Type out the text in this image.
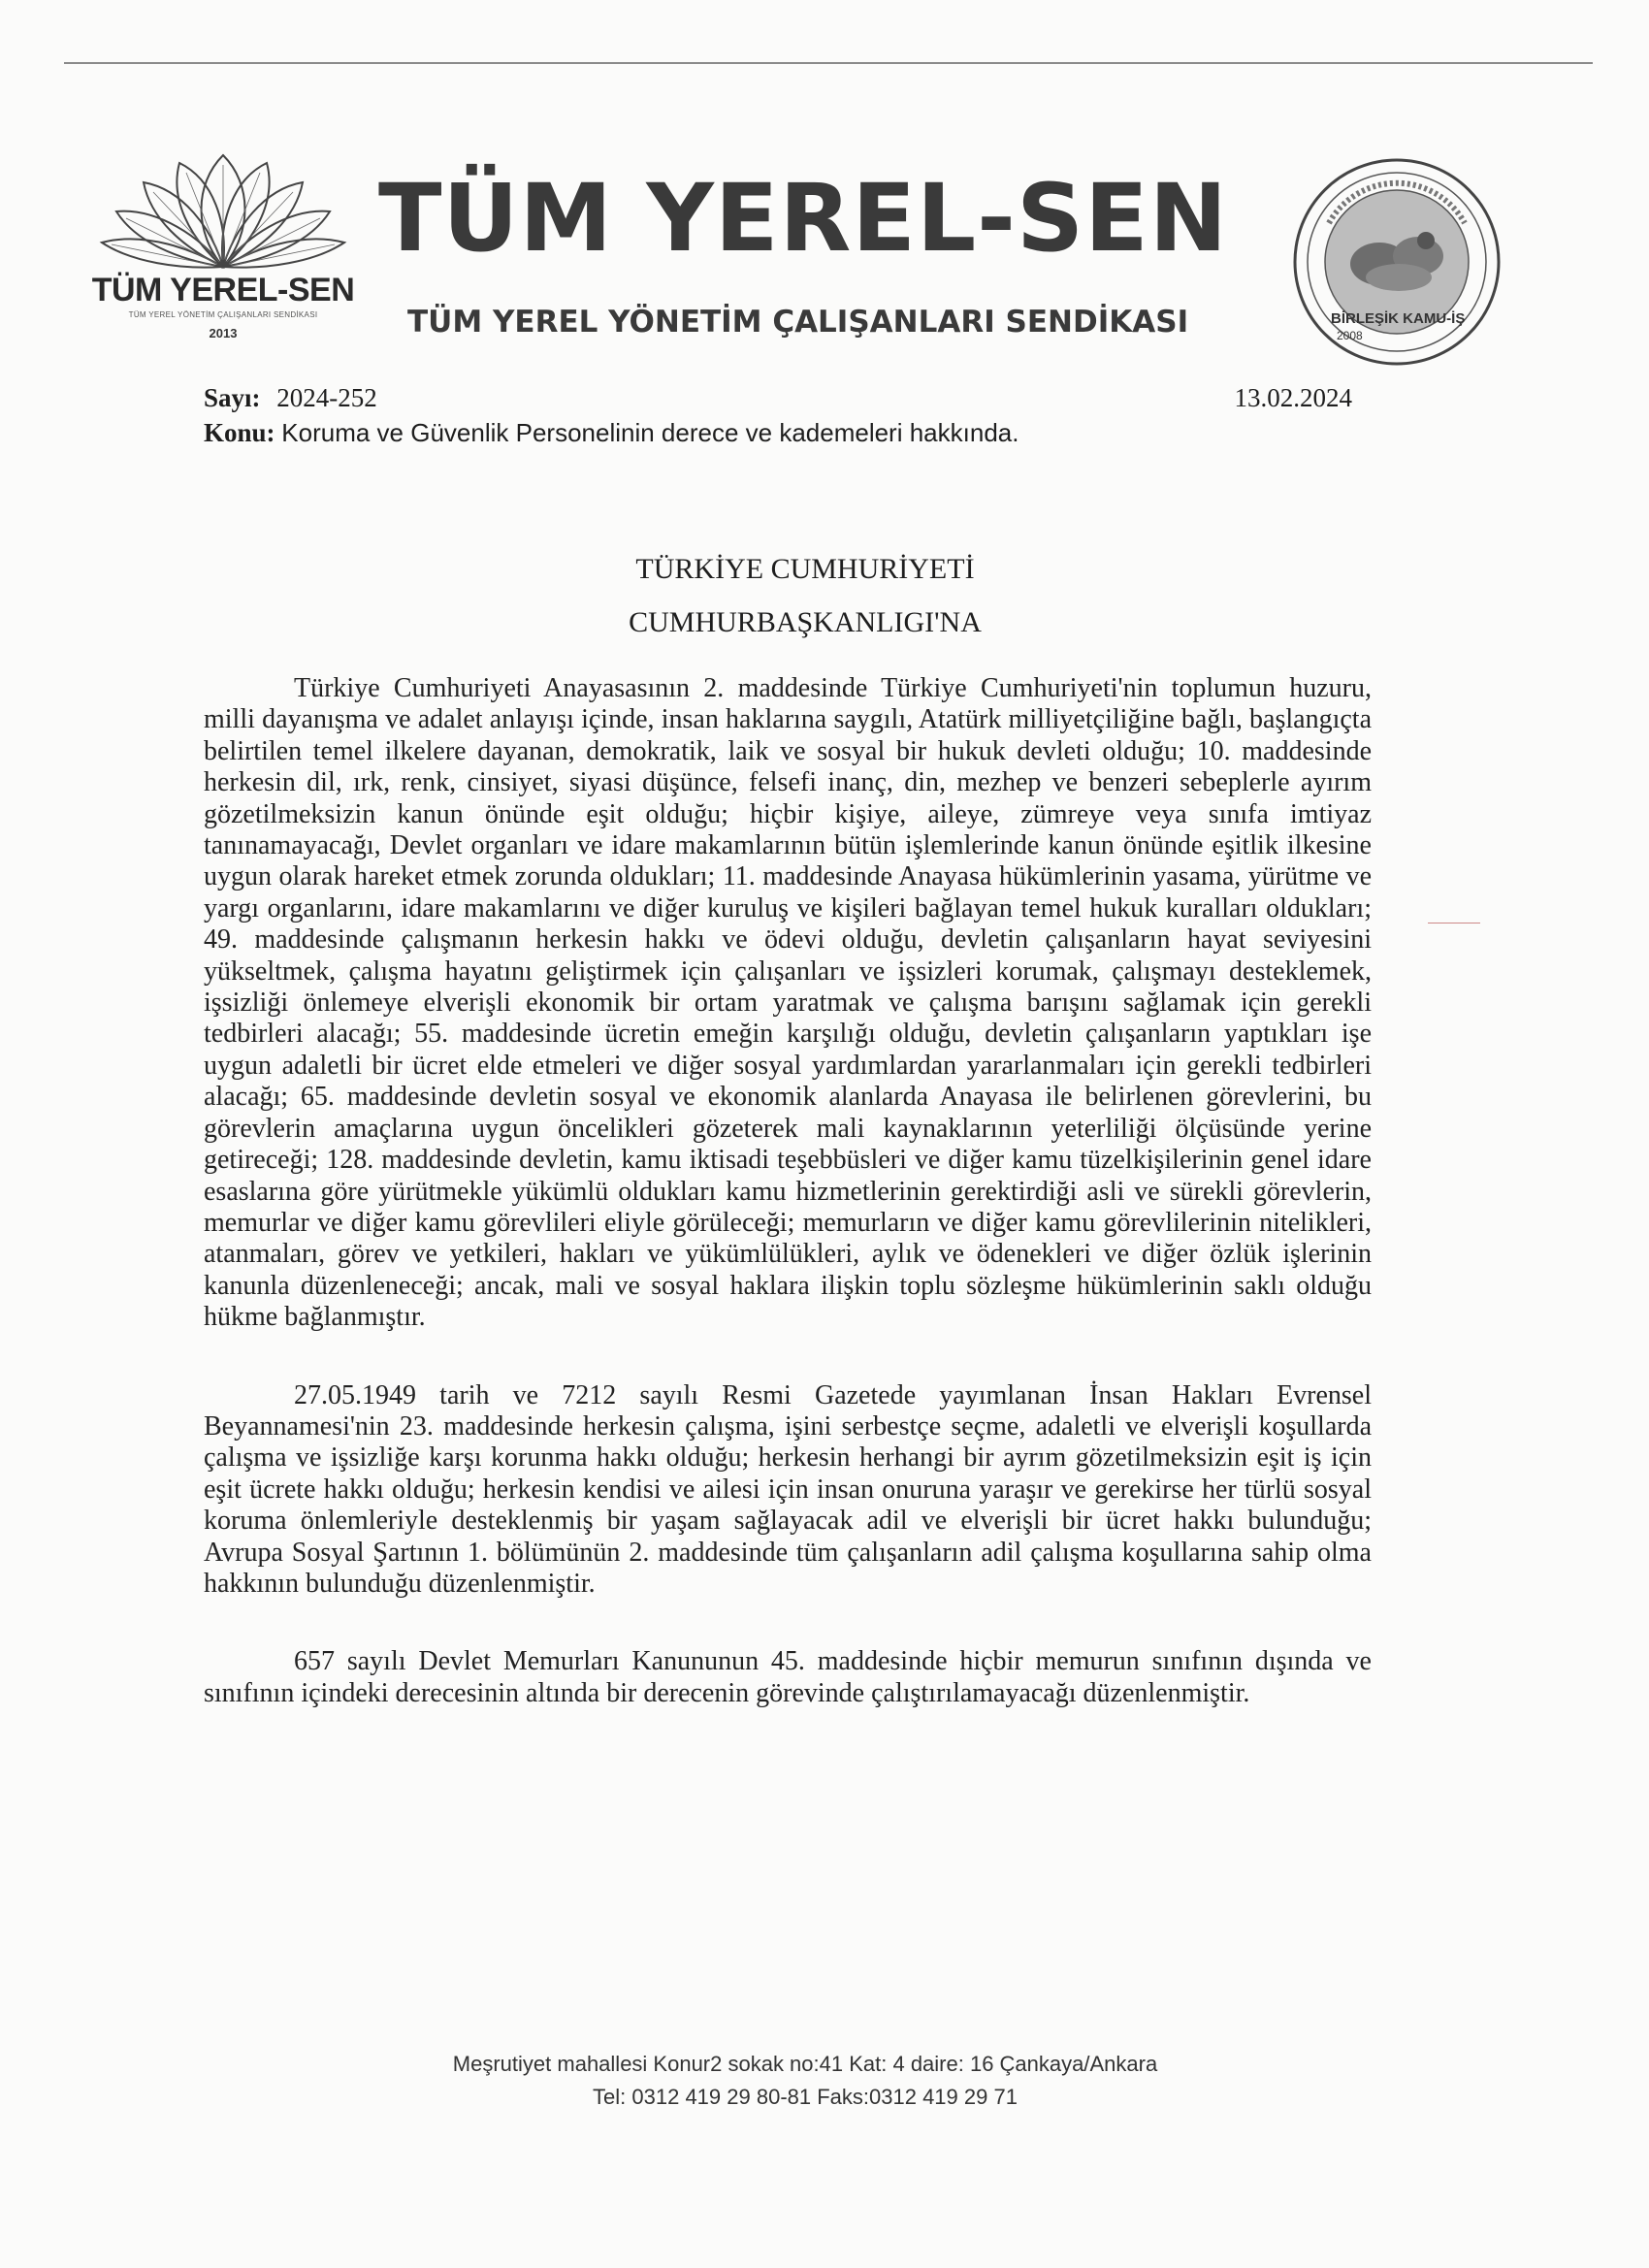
TÜM YEREL-SEN
TÜM YEREL YÖNETİM ÇALIŞANLARI SENDİKASI
2013
TÜM YEREL-SEN
TÜM YEREL YÖNETİM ÇALIŞANLARI SENDİKASI	BİRLEŞİK KAMU-İŞ 2008
Sayı: 2024-252	13.02.2024
Konu: Koruma ve Güvenlik Personelinin derece ve kademeleri hakkında.
TÜRKİYE CUMHURİYETİ
CUMHURBAŞKANLIGI'NA

Türkiye Cumhuriyeti Anayasasının 2. maddesinde Türkiye Cumhuriyeti'nin toplumun huzuru, milli dayanışma ve adalet anlayışı içinde, insan haklarına saygılı, Atatürk milliyetçiliğine bağlı, başlangıçta belirtilen temel ilkelere dayanan, demokratik, laik ve sosyal bir hukuk devleti olduğu; 10. maddesinde herkesin dil, ırk, renk, cinsiyet, siyasi düşünce, felsefi inanç, din, mezhep ve benzeri sebeplerle ayırım gözetilmeksizin kanun önünde eşit olduğu; hiçbir kişiye, aileye, zümreye veya sınıfa imtiyaz tanınamayacağı, Devlet organları ve idare makamlarının bütün işlemlerinde kanun önünde eşitlik ilkesine uygun olarak hareket etmek zorunda oldukları; 11. maddesinde Anayasa hükümlerinin yasama, yürütme ve yargı organlarını, idare makamlarını ve diğer kuruluş ve kişileri bağlayan temel hukuk kuralları oldukları; 49. maddesinde çalışmanın herkesin hakkı ve ödevi olduğu, devletin çalışanların hayat seviyesini yükseltmek, çalışma hayatını geliştirmek için çalışanları ve işsizleri korumak, çalışmayı desteklemek, işsizliği önlemeye elverişli ekonomik bir ortam yaratmak ve çalışma barışını sağlamak için gerekli tedbirleri alacağı; 55. maddesinde ücretin emeğin karşılığı olduğu, devletin çalışanların yaptıkları işe uygun adaletli bir ücret elde etmeleri ve diğer sosyal yardımlardan yararlanmaları için gerekli tedbirleri alacağı; 65. maddesinde devletin sosyal ve ekonomik alanlarda Anayasa ile belirlenen görevlerini, bu görevlerin amaçlarına uygun öncelikleri gözeterek mali kaynaklarının yeterliliği ölçüsünde yerine getireceği; 128. maddesinde devletin, kamu iktisadi teşebbüsleri ve diğer kamu tüzelkişilerinin genel idare esaslarına göre yürütmekle yükümlü oldukları kamu hizmetlerinin gerektirdiği asli ve sürekli görevlerin, memurlar ve diğer kamu görevlileri eliyle görüleceği; memurların ve diğer kamu görevlilerinin nitelikleri, atanmaları, görev ve yetkileri, hakları ve yükümlülükleri, aylık ve ödenekleri ve diğer özlük işlerinin kanunla düzenleneceği; ancak, mali ve sosyal haklara ilişkin toplu sözleşme hükümlerinin saklı olduğu hükme bağlanmıştır.

27.05.1949 tarih ve 7212 sayılı Resmi Gazetede yayımlanan İnsan Hakları Evrensel Beyannamesi'nin 23. maddesinde herkesin çalışma, işini serbestçe seçme, adaletli ve elverişli koşullarda çalışma ve işsizliğe karşı korunma hakkı olduğu; herkesin herhangi bir ayrım gözetilmeksizin eşit iş için eşit ücrete hakkı olduğu; herkesin kendisi ve ailesi için insan onuruna yaraşır ve gerekirse her türlü sosyal koruma önlemleriyle desteklenmiş bir yaşam sağlayacak adil ve elverişli bir ücret hakkı bulunduğu; Avrupa Sosyal Şartının 1. bölümünün 2. maddesinde tüm çalışanların adil çalışma koşullarına sahip olma hakkının bulunduğu düzenlenmiştir.

657 sayılı Devlet Memurları Kanununun 45. maddesinde hiçbir memurun sınıfının dışında ve sınıfının içindeki derecesinin altında bir derecenin görevinde çalıştırılamayacağı düzenlenmiştir.

Meşrutiyet mahallesi Konur2 sokak no:41 Kat: 4 daire: 16 Çankaya/Ankara
Tel: 0312 419 29 80-81 Faks:0312 419 29 71
